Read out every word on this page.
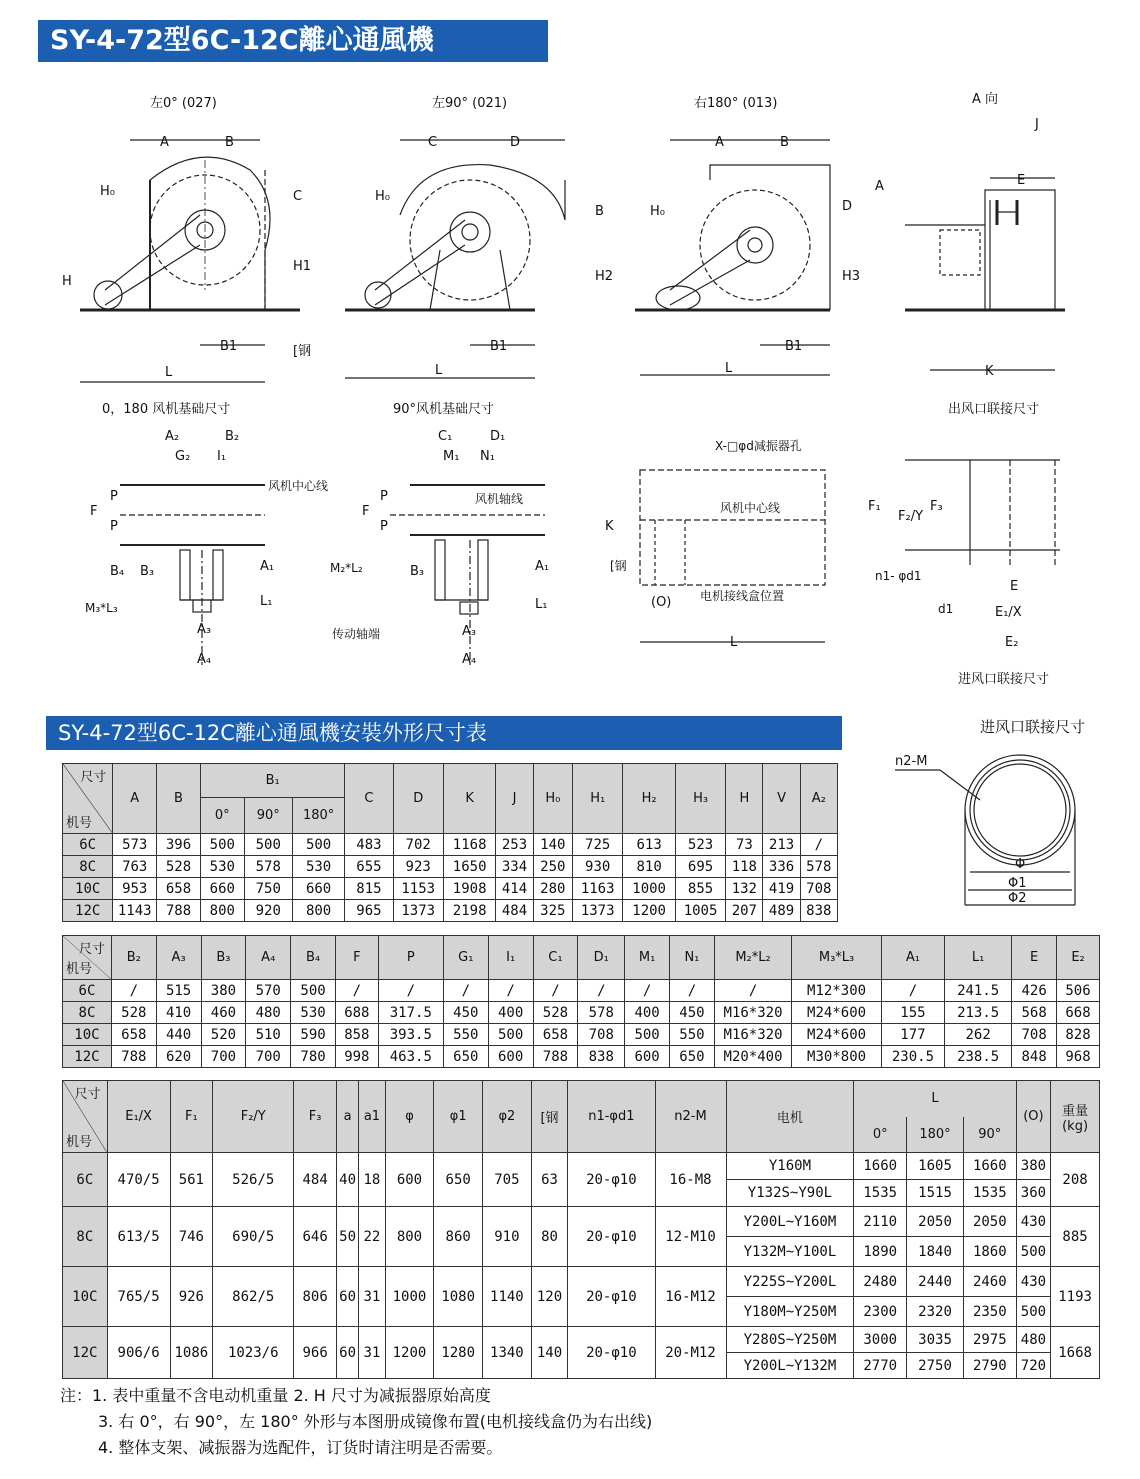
SY-4-72型6C-12C離心通風機
左0° (027)	左90° (021)	右180° (013)	A 向
A	B
H₀
H
C
H1
[钢
B1
L
C	D
H₀
B
H2
B1
L
A	B
H₀	D
A
H3
B1
L
E
J
K
0，180 风机基础尺寸	90°风机基础尺寸	出风口联接尺寸
A₂	B₂
G₂ I₁
风机中心线
P
F
P
B₄ B₃	A₁
L₁
M₃*L₃
A₃
A₄
C₁	D₁
M₁ N₁
风机轴线
P
F
P
M₂*L₂	B₃	A₁
L₁
传动轴端	A₃
A₄
X-□φd减振器孔
风机中心线
K
[钢
(O) 电机接线盒位置
L
F₁
F₂/Y
F₃
n1- φd1
E
d1	E₁/X
E₂
进风口联接尺寸
SY-4-72型6C-12C離心通風機安裝外形尺寸表	进风口联接尺寸
n2-M
Φ
Φ1
Φ2
尺寸
机号	A	B	B₁			C	D	K	J	H₀	H₁	H₂	H₃	H	V	A₂
			0°	90°	180°											
6C	573	396	500	500	500	483	702	1168	253	140	725	613	523	73	213	/
8C	763	528	530	578	530	655	923	1650	334	250	930	810	695	118	336	578
10C	953	658	660	750	660	815	1153	1908	414	280	1163	1000	855	132	419	708
12C	1143	788	800	920	800	965	1373	2198	484	325	1373	1200	1005	207	489	838
尺寸
机号	B₂	A₃	B₃	A₄	B₄	F	P	G₁	I₁	C₁	D₁	M₁	N₁	M₂*L₂	M₃*L₃	A₁	L₁	E	E₂
6C	/	515	380	570	500	/	/	/	/	/	/	/	/	/	M12*300	/	241.5	426	506
8C	528	410	460	480	530	688	317.5	450	400	528	578	400	450	M16*320	M24*600	155	213.5	568	668
10C	658	440	520	510	590	858	393.5	550	500	658	708	500	550	M16*320	M24*600	177	262	708	828
12C	788	620	700	700	780	998	463.5	650	600	788	838	600	650	M20*400	M30*800	230.5	238.5	848	968
尺寸
机号	E₁/X	F₁	F₂/Y	F₃	a	a1	φ	φ1	φ2	[钢	n1-φd1	n2-M	电机	L			(O)	重量
(kg)
														0°	180°	90°		
6C	470/5	561	526/5	484	40	18	600	650	705	63	20-φ10	16-M8	Y160M	1660	1605	1660	380	208
													Y132S~Y90L	1535	1515	1535	360	
8C	613/5	746	690/5	646	50	22	800	860	910	80	20-φ10	12-M10	Y200L~Y160M	2110	2050	2050	430	885
													Y132M~Y100L	1890	1840	1860	500	
10C	765/5	926	862/5	806	60	31	1000	1080	1140	120	20-φ10	16-M12	Y225S~Y200L	2480	2440	2460	430	1193
													Y180M~Y250M	2300	2320	2350	500	
12C	906/6	1086	1023/6	966	60	31	1200	1280	1340	140	20-φ10	20-M12	Y280S~Y250M	3000	3035	2975	480	1668
													Y200L~Y132M	2770	2750	2790	720	
注：1. 表中重量不含电动机重量 2. H 尺寸为减振器原始高度
3. 右 0°，右 90°，左 180° 外形与本图册成镜像布置(电机接线盒仍为右出线)
4. 整体支架、减振器为选配件，订货时请注明是否需要。
